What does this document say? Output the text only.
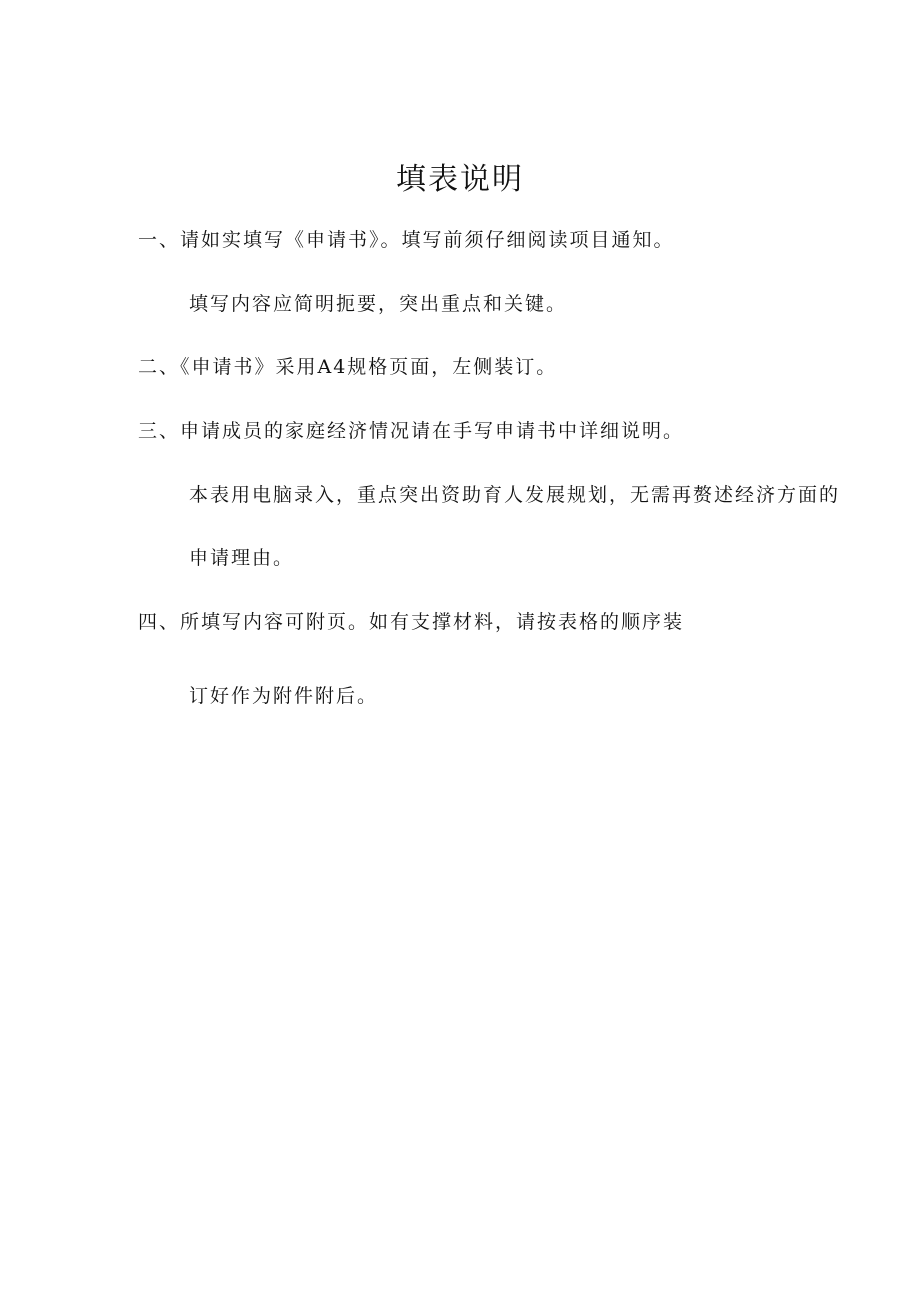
填表说明
一、请如实填写《申请书》。填写前须仔细阅读项目通知。
填写内容应简明扼要，突出重点和关键。
二、《申请书》采用A4规格页面，左侧装订。
三、申请成员的家庭经济情况请在手写申请书中详细说明。
本表用电脑录入，重点突出资助育人发展规划，无需再赘述经济方面的
申请理由。
四、所填写内容可附页。如有支撑材料，请按表格的顺序装
订好作为附件附后。
